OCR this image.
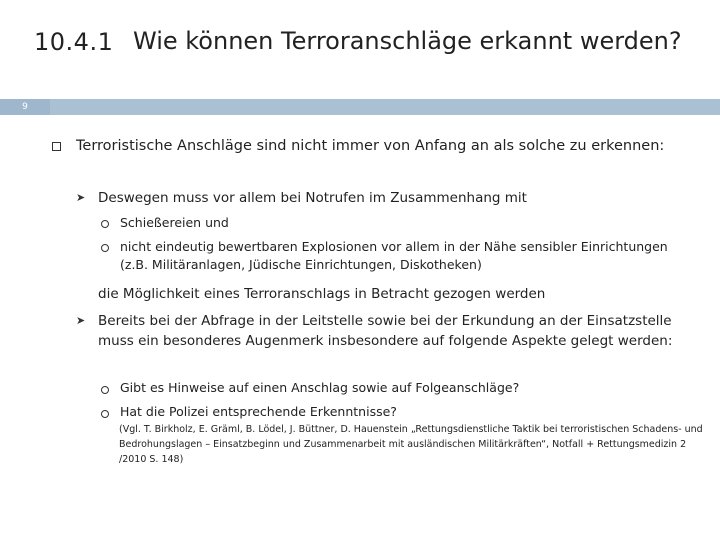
10.4.1 Wie können Terroranschläge erkannt werden?
9
Terroristische Anschläge sind nicht immer von Anfang an als solche zu erkennen:
➤ Deswegen muss vor allem bei Notrufen im Zusammenhang mit
Schießereien und
nicht eindeutig bewertbaren Explosionen vor allem in der Nähe sensibler Einrichtungen (z.B. Militäranlagen, Jüdische Einrichtungen, Diskotheken)
die Möglichkeit eines Terroranschlags in Betracht gezogen werden
➤ Bereits bei der Abfrage in der Leitstelle sowie bei der Erkundung an der Einsatzstelle muss ein besonderes Augenmerk insbesondere auf folgende Aspekte gelegt werden:
Gibt es Hinweise auf einen Anschlag sowie auf Folgeanschläge?
Hat die Polizei entsprechende Erkenntnisse?
(Vgl. T. Birkholz, E. Gräml, B. Lödel, J. Büttner, D. Hauenstein „Rettungsdienstliche Taktik bei terroristischen Schadens- und Bedrohungslagen – Einsatzbeginn und Zusammenarbeit mit ausländischen Militärkräften“, Notfall + Rettungsmedizin 2 /2010 S. 148)
